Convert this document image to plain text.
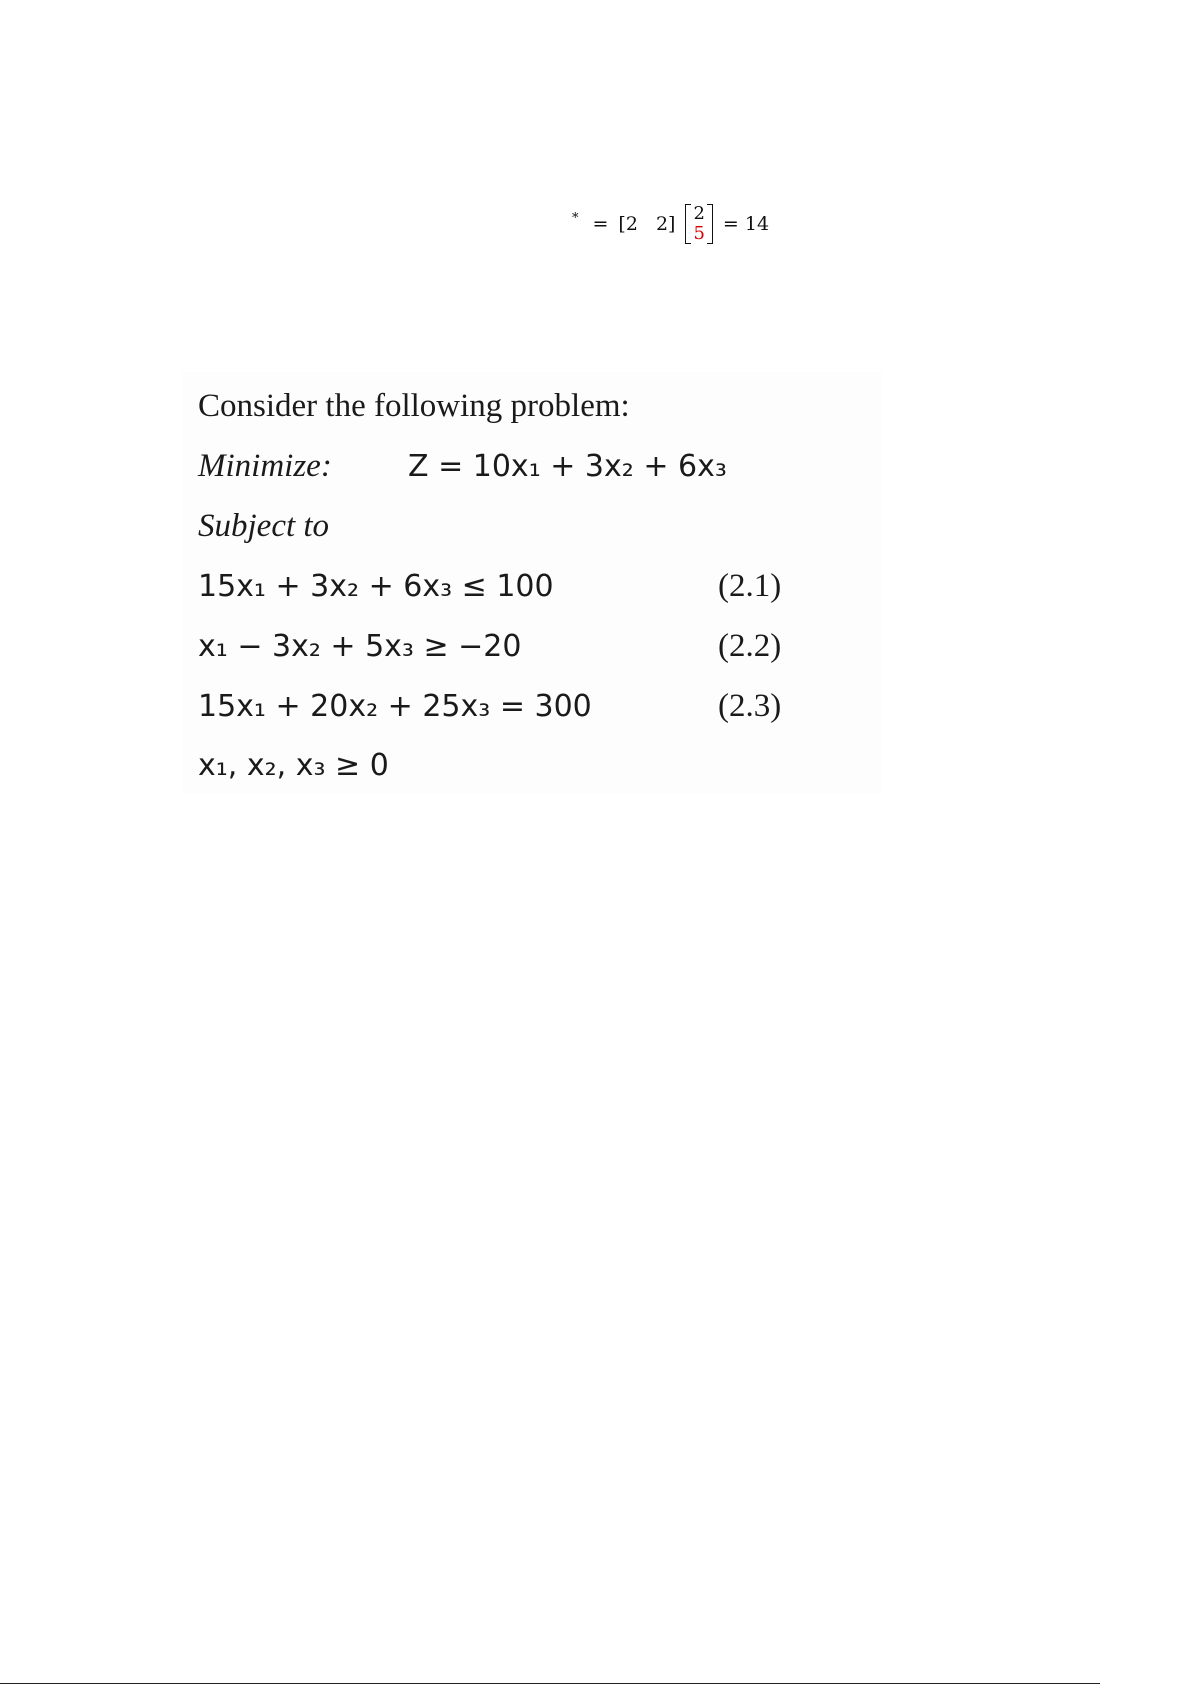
* = [2 2] 2
5 = 14
Consider the following problem:
Minimize:	Z = 10x₁ + 3x₂ + 6x₃
Subject to
15x₁ + 3x₂ + 6x₃ ≤ 100	(2.1)
x₁ − 3x₂ + 5x₃ ≥ −20	(2.2)
15x₁ + 20x₂ + 25x₃ = 300	(2.3)
x₁, x₂, x₃ ≥ 0
